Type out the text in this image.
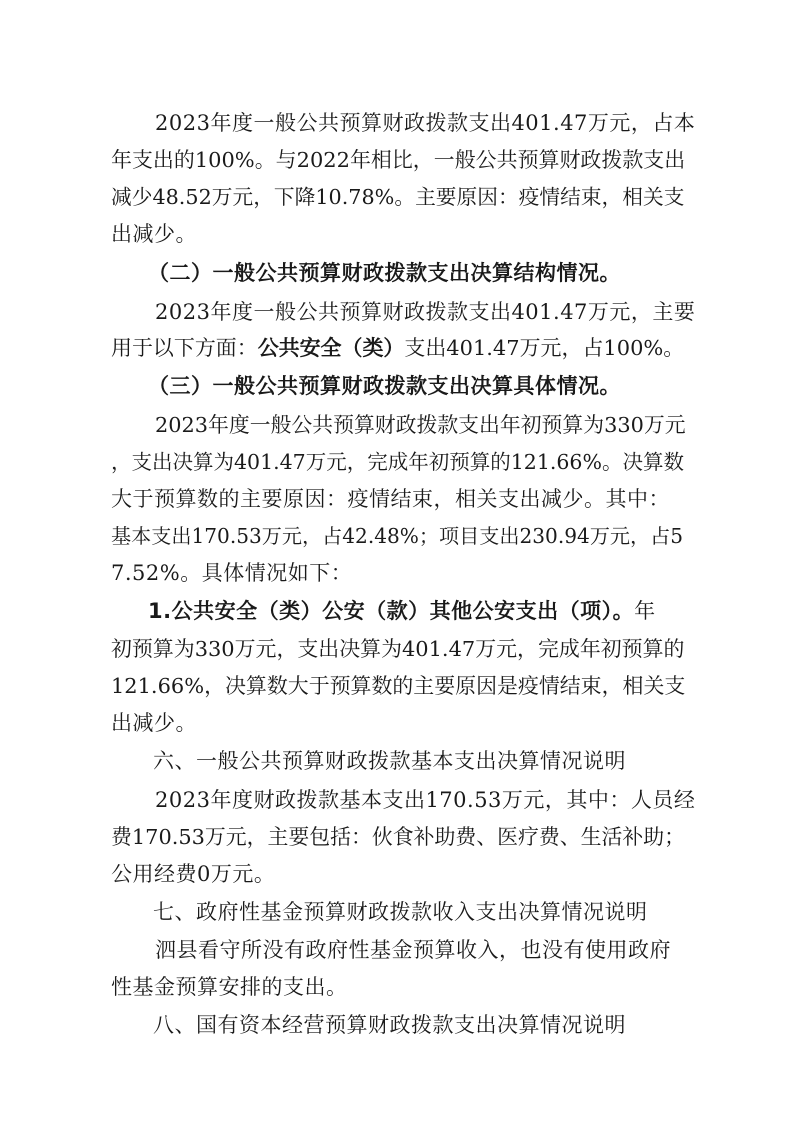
2023年度一般公共预算财政拨款支出401.47万元，占本
年支出的100%。与2022年相比，一般公共预算财政拨款支出
减少48.52万元，下降10.78%。主要原因：疫情结束，相关支
出减少。
（二）一般公共预算财政拨款支出决算结构情况。
2023年度一般公共预算财政拨款支出401.47万元，主要
用于以下方面：公共安全（类）支出401.47万元，占100%。
（三）一般公共预算财政拨款支出决算具体情况。
2023年度一般公共预算财政拨款支出年初预算为330万元
，支出决算为401.47万元，完成年初预算的121.66%。决算数
大于预算数的主要原因：疫情结束，相关支出减少。其中：
基本支出170.53万元，占42.48%；项目支出230.94万元，占5
7.52%。具体情况如下：
1.公共安全（类）公安（款）其他公安支出（项）。年
初预算为330万元，支出决算为401.47万元，完成年初预算的
121.66%，决算数大于预算数的主要原因是疫情结束，相关支
出减少。
六、一般公共预算财政拨款基本支出决算情况说明
2023年度财政拨款基本支出170.53万元，其中：人员经
费170.53万元，主要包括：伙食补助费、医疗费、生活补助；
公用经费0万元。
七、政府性基金预算财政拨款收入支出决算情况说明
泗县看守所没有政府性基金预算收入，也没有使用政府
性基金预算安排的支出。
八、国有资本经营预算财政拨款支出决算情况说明
